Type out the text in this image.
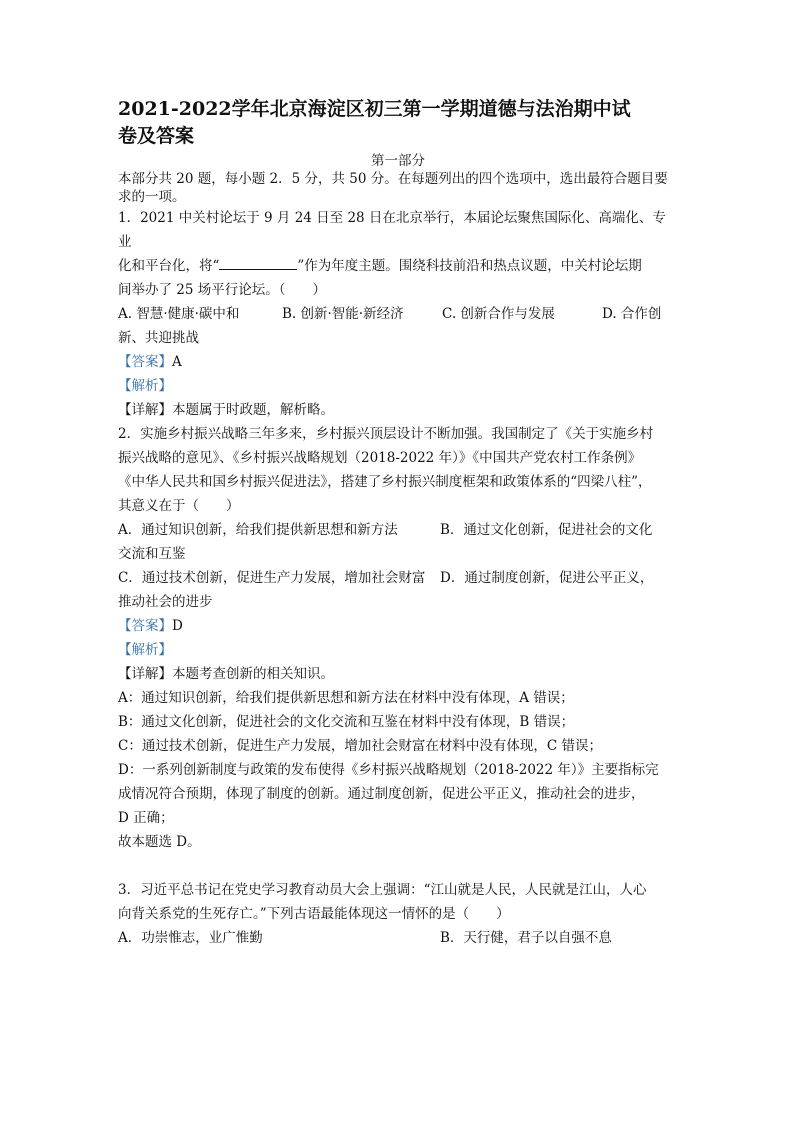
2021-2022学年北京海淀区初三第一学期道德与法治期中试
卷及答案
第一部分

本部分共 20 题，每小题 2．5 分，共 50 分。在每题列出的四个选项中，选出最符合题目要

求的一项。

1．2021 中关村论坛于 9 月 24 日至 28 日在北京举行，本届论坛聚焦国际化、高端化、专业

化和平台化，将“	”作为年度主题。围绕科技前沿和热点议题，中关村论坛期

间举办了 25 场平行论坛。（　　）

A. 智慧·健康·碳中和	B. 创新·智能·新经济	C. 创新合作与发展	D. 合作创

新、共迎挑战

【答案】A

【解析】

【详解】本题属于时政题，解析略。

2．实施乡村振兴战略三年多来，乡村振兴顶层设计不断加强。我国制定了《关于实施乡村

振兴战略的意见》、《乡村振兴战略规划（2018-2022 年）》《中国共产党农村工作条例》

《中华人民共和国乡村振兴促进法》，搭建了乡村振兴制度框架和政策体系的“四梁八柱”，

其意义在于（　　）

A．通过知识创新，给我们提供新思想和新方法	B．通过文化创新，促进社会的文化

交流和互鉴

C．通过技术创新，促进生产力发展，增加社会财富	D．通过制度创新，促进公平正义，

推动社会的进步

【答案】D

【解析】

【详解】本题考查创新的相关知识。

A：通过知识创新，给我们提供新思想和新方法在材料中没有体现，A 错误；

B：通过文化创新，促进社会的文化交流和互鉴在材料中没有体现，B 错误；

C：通过技术创新，促进生产力发展，增加社会财富在材料中没有体现，C 错误；

D：一系列创新制度与政策的发布使得《乡村振兴战略规划（2018-2022 年）》主要指标完

成情况符合预期，体现了制度的创新。通过制度创新，促进公平正义，推动社会的进步，

D 正确；

故本题选 D。

3．习近平总书记在党史学习教育动员大会上强调：“江山就是人民，人民就是江山，人心

向背关系党的生死存亡。”下列古语最能体现这一情怀的是（　　）

A．功崇惟志，业广惟勤	B．天行健，君子以自强不息
